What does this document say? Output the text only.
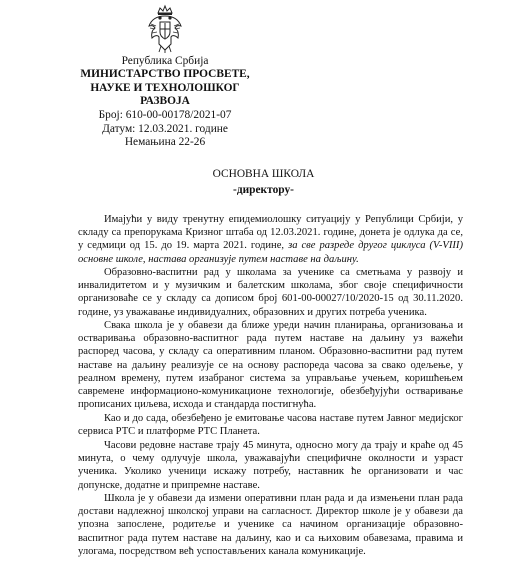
Република Србија
МИНИСТАРСТВО ПРОСВЕТЕ,
НАУКЕ И ТЕХНОЛОШКОГ
РАЗВОЈА
Број: 610-00-00178/2021-07
Датум: 12.03.2021. године
Немањина 22-26
ОСНОВНА ШКОЛА
-директору-

Имајући у виду тренутну епидемиолошку ситуацију у Републици Србији, у складу са препорукама Кризног штаба од 12.03.2021. године, донета је одлука да се, у седмици од 15. до 19. марта 2021. године, за све разреде другог циклуса (V-VIII) основне школе, настава организује путем наставе на даљину.

Образовно-васпитни рад у школама за ученике са сметњама у развоју и инвалидитетом и у музичким и балетским школама, због своје специфичности организоваће се у складу са дописом број 601-00-00027/10/2020-15 од 30.11.2020. године, уз уважавање индивидуалних, образовних и других потреба ученика.

Свака школа је у обавези да ближе уреди начин планирања, организовања и остваривања образовно-васпитног рада путем наставе на даљину уз важећи распоред часова, у складу са оперативним планом. Образовно-васпитни рад путем наставе на даљину реализује се на основу распореда часова за свако одељење, у реалном времену, путем изабраног система за управљање учењем, коришћењем савремене информационо-комуникационе технологије, обезбеђујући остваривање прописаних циљева, исхода и стандарда постигнућа.

Као и до сада, обезбеђено је емитовање часова наставе путем Јавног медијског сервиса РТС и платформе РТС Планета.

Часови редовне наставе трају 45 минута, односно могу да трају и краће од 45 минута, о чему одлучује школа, уважавајући специфичне околности и узраст ученика. Уколико ученици искажу потребу, наставник ће организовати и час допунске, додатне и припремне наставе.

Школа је у обавези да измени оперативни план рада и да измењени план рада достави надлежној школској управи на сагласност. Директор школе је у обавези да упозна запослене, родитеље и ученике са начином организације образовно-васпитног рада путем наставе на даљину, као и са њиховим обавезама, правима и улогама, посредством већ успостављених канала комуникације.
